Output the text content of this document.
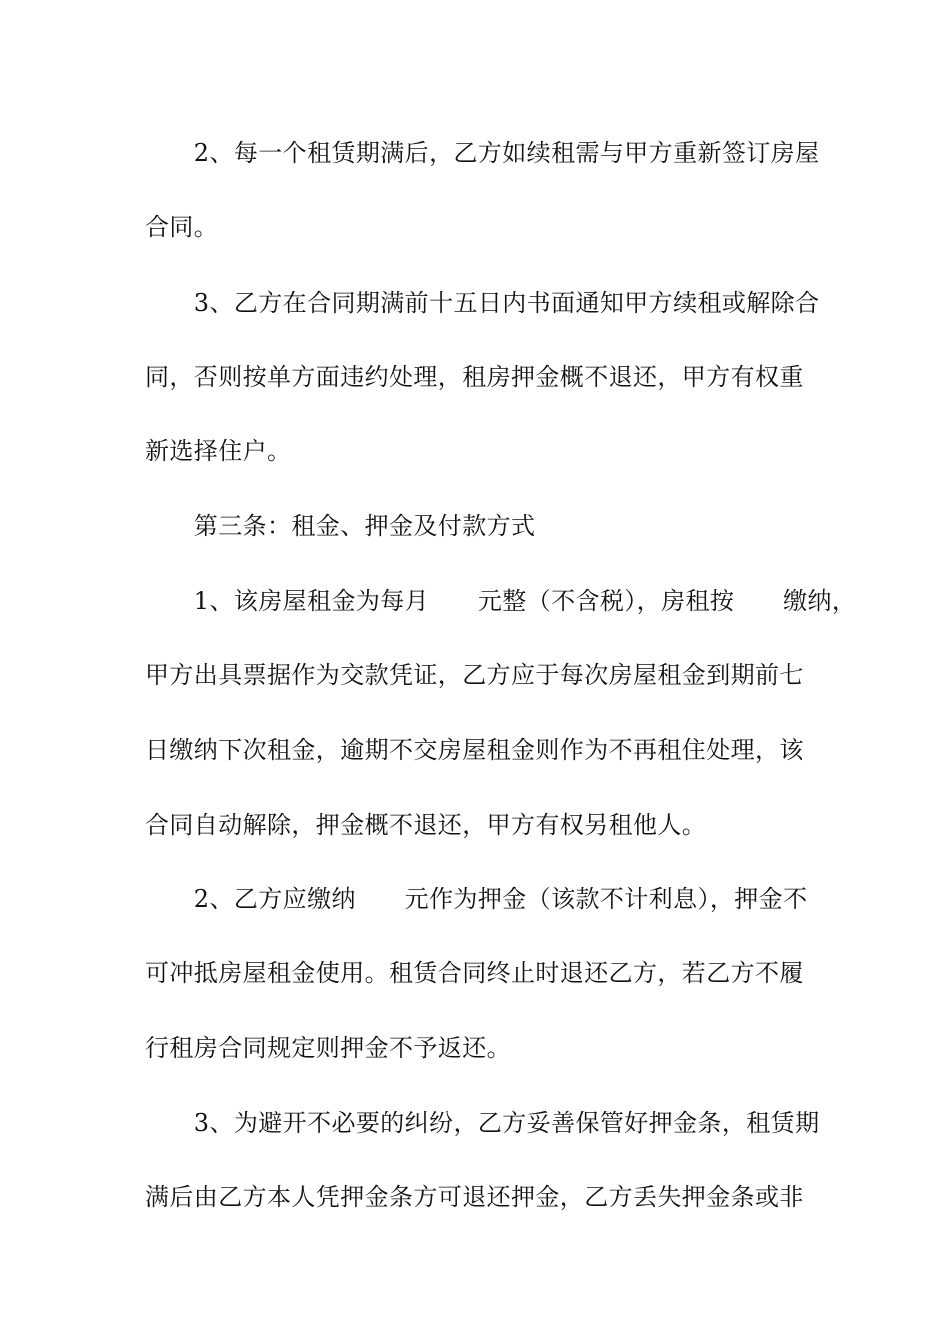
　　2、每一个租赁期满后，乙方如续租需与甲方重新签订房屋
合同。
　　3、乙方在合同期满前十五日内书面通知甲方续租或解除合
同，否则按单方面违约处理，租房押金概不退还，甲方有权重
新选择住户。
　　第三条：租金、押金及付款方式
　　1、该房屋租金为每月　　元整（不含税），房租按　　缴纳，
甲方出具票据作为交款凭证，乙方应于每次房屋租金到期前七
日缴纳下次租金，逾期不交房屋租金则作为不再租住处理，该
合同自动解除，押金概不退还，甲方有权另租他人。
　　2、乙方应缴纳　　元作为押金（该款不计利息），押金不
可冲抵房屋租金使用。租赁合同终止时退还乙方，若乙方不履
行租房合同规定则押金不予返还。
　　3、为避开不必要的纠纷，乙方妥善保管好押金条，租赁期
满后由乙方本人凭押金条方可退还押金，乙方丢失押金条或非
